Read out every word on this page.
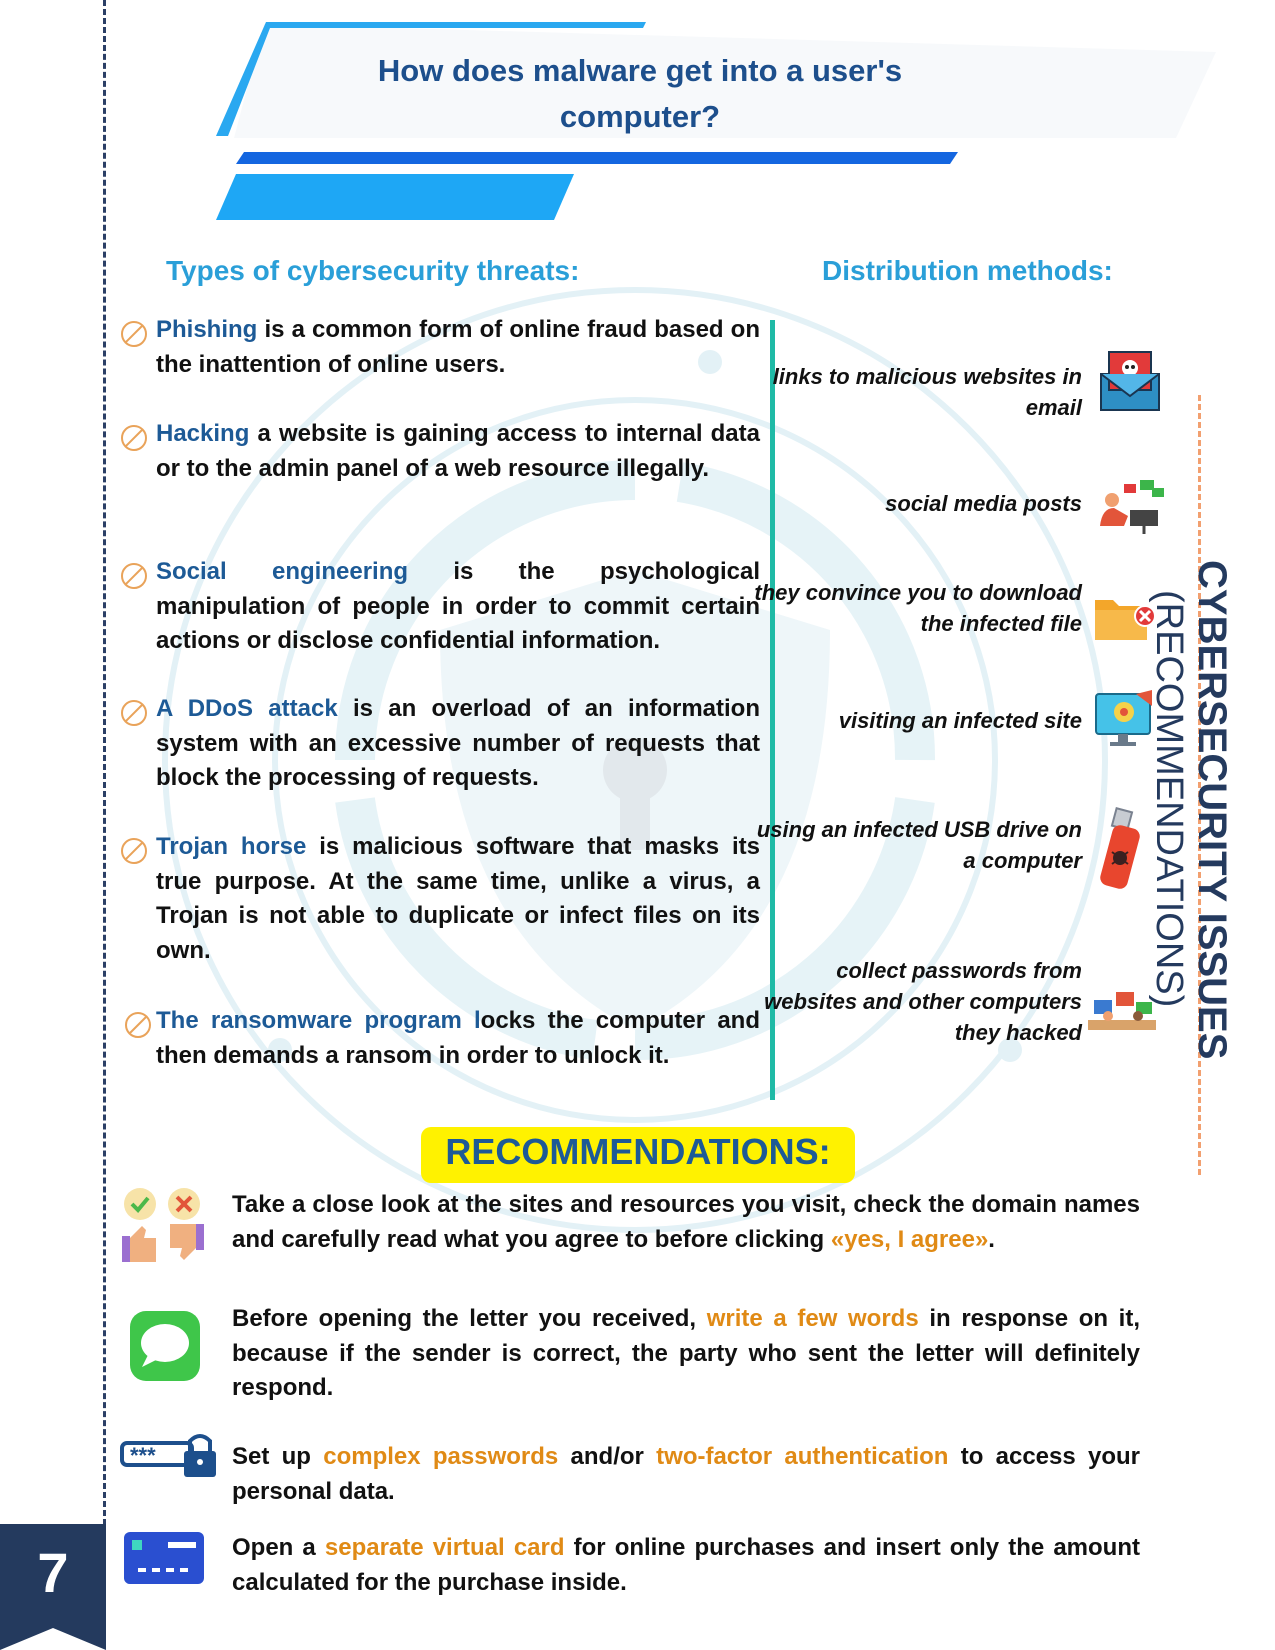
How does malware get into a user's computer?
Types of cybersecurity threats:	Distribution methods:
Phishing is a common form of online fraud based on the inattention of online users.
Hacking a website is gaining access to internal data or to the admin panel of a web resource illegally.
Social engineering is the psychological manipulation of people in order to commit certain actions or disclose confidential information.
A DDoS attack is an overload of an information system with an excessive number of requests that block the processing of requests.
Trojan horse is malicious software that masks its true purpose. At the same time, unlike a virus, a Trojan is not able to duplicate or infect files on its own.
The ransomware program locks the computer and then demands a ransom in order to unlock it.
links to malicious websites in email
social media posts
they convince you to download the infected file
visiting an infected site
using an infected USB drive on a computer
collect passwords from websites and other computers they hacked	CYBERSECURITY ISSUES
(RECOMMENDATIONS)
RECOMMENDATIONS:
Take a close look at the sites and resources you visit, check the domain names and carefully read what you agree to before clicking «yes, I agree».
Before opening the letter you received, write a few words in response on it, because if the sender is correct, the party who sent the letter will definitely respond.
***	Set up complex passwords and/or two-factor authentication to access your personal data.
Open a separate virtual card for online purchases and insert only the amount calculated for the purchase inside.
7
